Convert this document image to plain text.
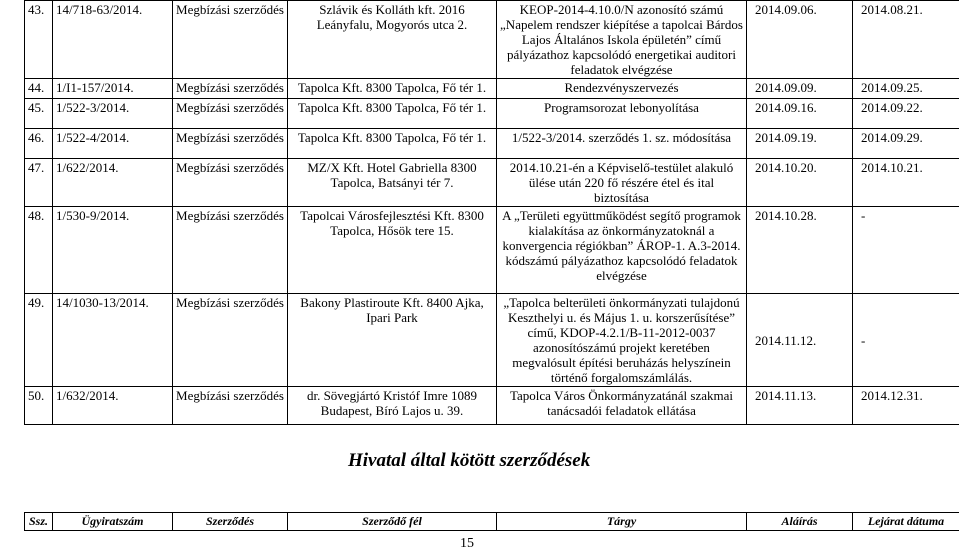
43.	14/718-63/2014.	Megbízási szerződés	Szlávik és Kolláth kft. 2016 Leányfalu, Mogyorós utca 2.	KEOP-2014-4.10.0/N azonosító számú „Napelem rendszer kiépítése a tapolcai Bárdos Lajos Általános Iskola épületén” című pályázathoz kapcsolódó energetikai auditori feladatok elvégzése	2014.09.06.	2014.08.21.
44.	1/I1-157/2014.	Megbízási szerződés	Tapolca Kft. 8300 Tapolca, Fő tér 1.	Rendezvényszervezés	2014.09.09.	2014.09.25.
45.	1/522-3/2014.	Megbízási szerződés	Tapolca Kft. 8300 Tapolca, Fő tér 1.	Programsorozat lebonyolítása	2014.09.16.	2014.09.22.
46.	1/522-4/2014.	Megbízási szerződés	Tapolca Kft. 8300 Tapolca, Fő tér 1.	1/522-3/2014. szerződés 1. sz. módosítása	2014.09.19.	2014.09.29.
47.	1/622/2014.	Megbízási szerződés	MZ/X Kft. Hotel Gabriella 8300 Tapolca, Batsányi tér 7.	2014.10.21-én a Képviselő-testület alakuló ülése után 220 fő részére étel és ital biztosítása	2014.10.20.	2014.10.21.
48.	1/530-9/2014.	Megbízási szerződés	Tapolcai Városfejlesztési Kft. 8300 Tapolca, Hősök tere 15.	A „Területi együttműködést segítő programok kialakítása az önkormányzatoknál a konvergencia régiókban” ÁROP-1. A.3-2014. kódszámú pályázathoz kapcsolódó feladatok elvégzése	2014.10.28.	-
49.	14/1030-13/2014.	Megbízási szerződés	Bakony Plastiroute Kft. 8400 Ajka, Ipari Park	„Tapolca belterületi önkormányzati tulajdonú Keszthelyi u. és Május 1. u. korszerűsítése” című, KDOP-4.2.1/B-11-2012-0037 azonosítószámú projekt keretében megvalósult építési beruházás helyszínein történő forgalomszámlálás.	2014.11.12.	-
50.	1/632/2014.	Megbízási szerződés	dr. Sövegjártó Kristóf Imre 1089 Budapest, Bíró Lajos u. 39.	Tapolca Város Önkormányzatánál szakmai tanácsadói feladatok ellátása	2014.11.13.	2014.12.31.
Hivatal által kötött szerződések
Ssz.	Ügyiratszám	Szerződés	Szerződő fél	Tárgy	Aláírás	Lejárat dátuma
15
